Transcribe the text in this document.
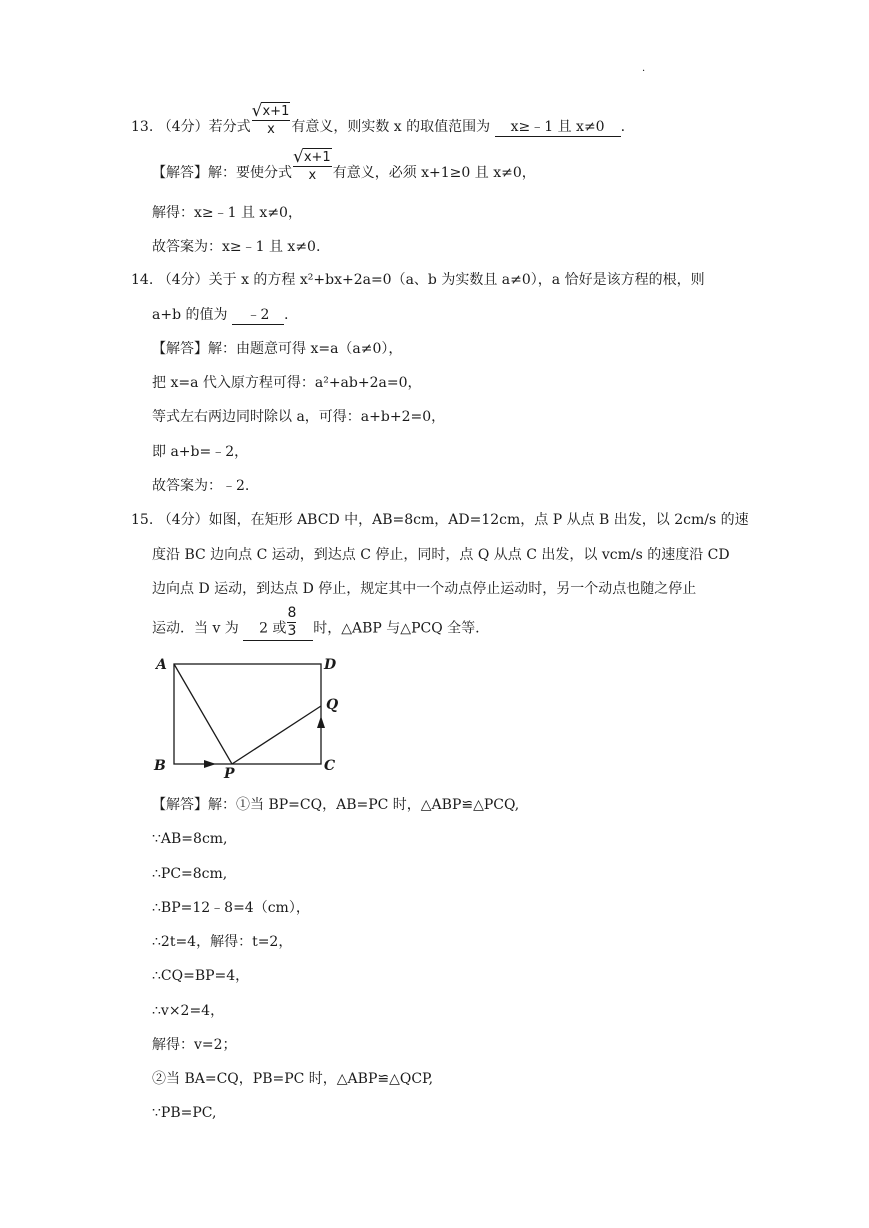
·
13. （4分）若分式 $\frac{√ x+1}{x}$ 有意义，则实数 x 的取值范围为 x≥﹣1 且 x≠0 .
【解答】解：要使分式 $\frac{√ x+1}{x}$ 有意义，必须 x+1≥0 且 x≠0，
解得：x≥﹣1 且 x≠0，
故答案为：x≥﹣1 且 x≠0.
14. （4分）关于 x 的方程 x²+bx+2a=0（a、b 为实数且 a≠0），a 恰好是该方程的根，则
a+b 的值为 ﹣2 .
【解答】解：由题意可得 x=a（a≠0），
把 x=a 代入原方程可得：a²+ab+2a=0，
等式左右两边同时除以 a，可得：a+b+2=0，
即 a+b=﹣2，
故答案为：﹣2.
15. （4分）如图，在矩形 ABCD 中，AB=8cm，AD=12cm，点 P 从点 B 出发，以 2cm/s 的速
度沿 BC 边向点 C 运动，到达点 C 停止，同时，点 Q 从点 C 出发，以 vcm/s 的速度沿 CD
边向点 D 运动，到达点 D 停止，规定其中一个动点停止运动时，另一个动点也随之停止
运动．当 v 为 2 或 $\frac{8}{3}$ 时，△ABP 与△PCQ 全等.
A
B	C
D
P
Q
【解答】解：①当 BP=CQ，AB=PC 时，△ABP≌△PCQ,
∵AB=8cm,
∴PC=8cm,
∴BP=12﹣8=4（cm），
∴2t=4，解得：t=2，
∴CQ=BP=4，
∴v×2=4，
解得：v=2；
②当 BA=CQ，PB=PC 时，△ABP≌△QCP,
∵PB=PC,
